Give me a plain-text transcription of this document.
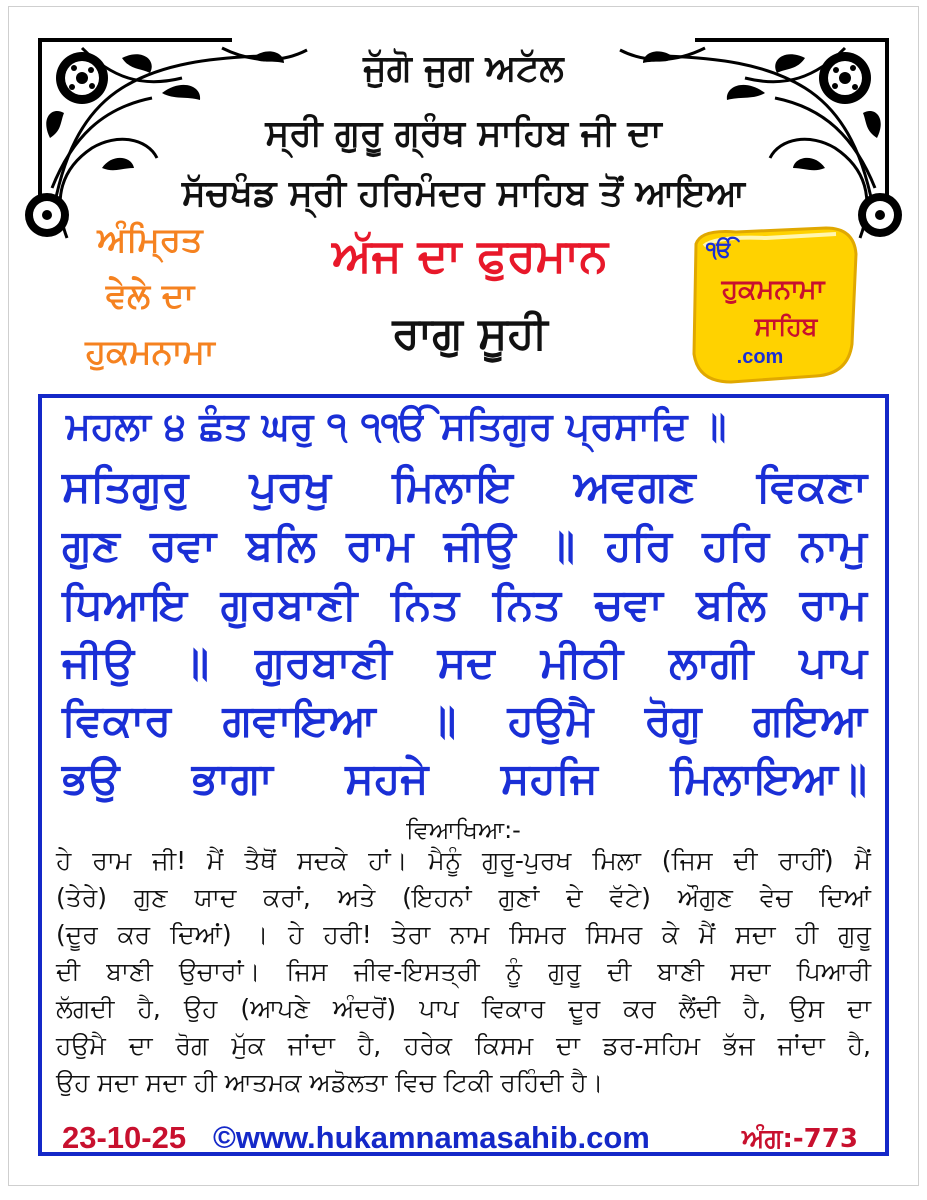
ਜੁੱਗੋ ਜੁਗ ਅਟੱਲ
ਸ੍ਰੀ ਗੁਰੂ ਗ੍ਰੰਥ ਸਾਹਿਬ ਜੀ ਦਾ
ਸੱਚਖੰਡ ਸ੍ਰੀ ਹਰਿਮੰਦਰ ਸਾਹਿਬ ਤੋਂ ਆਇਆ
ਅੰਮ੍ਰਿਤ
ਵੇਲੇ ਦਾ
ਹੁਕਮਨਾਮਾ
ਅੱਜ ਦਾ ਫੁਰਮਾਨ
ਰਾਗੁ ਸੂਹੀ
ੴ
ਹੁਕਮਨਾਮਾ
ਸਾਹਿਬ
.com
ਮਹਲਾ ੪ ਛੰਤ ਘਰੁ ੧ ੧ੴ ਸਤਿਗੁਰ ਪ੍ਰਸਾਦਿ ॥
ਸਤਿਗੁਰੁ ਪੁਰਖੁ ਮਿਲਾਇ ਅਵਗਣ ਵਿਕਣਾ
ਗੁਣ ਰਵਾ ਬਲਿ ਰਾਮ ਜੀਉ ॥ ਹਰਿ ਹਰਿ ਨਾਮੁ
ਧਿਆਇ ਗੁਰਬਾਣੀ ਨਿਤ ਨਿਤ ਚਵਾ ਬਲਿ ਰਾਮ
ਜੀਉ ॥ ਗੁਰਬਾਣੀ ਸਦ ਮੀਠੀ ਲਾਗੀ ਪਾਪ
ਵਿਕਾਰ ਗਵਾਇਆ ॥ ਹਉਮੈ ਰੋਗੁ ਗਇਆ
ਭਉ ਭਾਗਾ ਸਹਜੇ ਸਹਜਿ ਮਿਲਾਇਆ॥
ਵਿਆਖਿਆ:-
ਹੇ ਰਾਮ ਜੀ! ਮੈਂ ਤੈਥੋਂ ਸਦਕੇ ਹਾਂ। ਮੈਨੂੰ ਗੁਰੂ-ਪੁਰਖ ਮਿਲਾ (ਜਿਸ ਦੀ ਰਾਹੀਂ) ਮੈਂ
(ਤੇਰੇ) ਗੁਣ ਯਾਦ ਕਰਾਂ, ਅਤੇ (ਇਹਨਾਂ ਗੁਣਾਂ ਦੇ ਵੱਟੇ) ਔਗੁਣ ਵੇਚ ਦਿਆਂ
(ਦੂਰ ਕਰ ਦਿਆਂ) । ਹੇ ਹਰੀ! ਤੇਰਾ ਨਾਮ ਸਿਮਰ ਸਿਮਰ ਕੇ ਮੈਂ ਸਦਾ ਹੀ ਗੁਰੂ
ਦੀ ਬਾਣੀ ਉਚਾਰਾਂ। ਜਿਸ ਜੀਵ-ਇਸਤ੍ਰੀ ਨੂੰ ਗੁਰੂ ਦੀ ਬਾਣੀ ਸਦਾ ਪਿਆਰੀ
ਲੱਗਦੀ ਹੈ, ਉਹ (ਆਪਣੇ ਅੰਦਰੋਂ) ਪਾਪ ਵਿਕਾਰ ਦੂਰ ਕਰ ਲੈਂਦੀ ਹੈ, ਉਸ ਦਾ
ਹਉਮੈ ਦਾ ਰੋਗ ਮੁੱਕ ਜਾਂਦਾ ਹੈ, ਹਰੇਕ ਕਿਸਮ ਦਾ ਡਰ-ਸਹਿਮ ਭੱਜ ਜਾਂਦਾ ਹੈ,
ਉਹ ਸਦਾ ਸਦਾ ਹੀ ਆਤਮਕ ਅਡੋਲਤਾ ਵਿਚ ਟਿਕੀ ਰਹਿੰਦੀ ਹੈ।
23-10-25 ©www.hukamnamasahib.com	ਅੰਗ:-773
